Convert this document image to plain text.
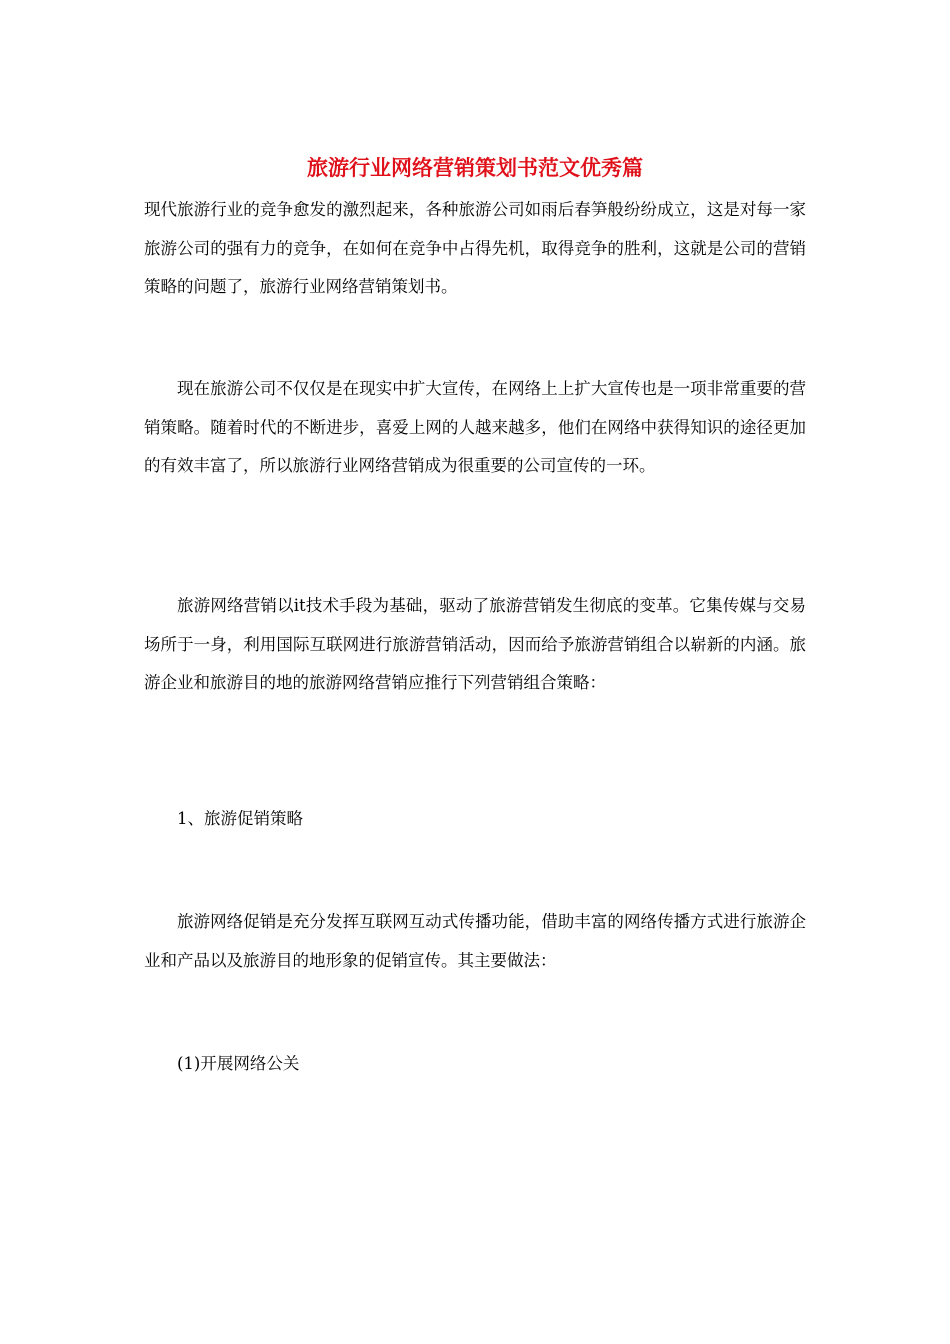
旅游行业网络营销策划书范文优秀篇

现代旅游行业的竞争愈发的激烈起来，各种旅游公司如雨后春笋般纷纷成立，这是对每一家旅游公司的强有力的竞争，在如何在竞争中占得先机，取得竞争的胜利，这就是公司的营销策略的问题了，旅游行业网络营销策划书。

现在旅游公司不仅仅是在现实中扩大宣传，在网络上上扩大宣传也是一项非常重要的营销策略。随着时代的不断进步，喜爱上网的人越来越多，他们在网络中获得知识的途径更加的有效丰富了，所以旅游行业网络营销成为很重要的公司宣传的一环。

旅游网络营销以it技术手段为基础，驱动了旅游营销发生彻底的变革。它集传媒与交易场所于一身，利用国际互联网进行旅游营销活动，因而给予旅游营销组合以崭新的内涵。旅游企业和旅游目的地的旅游网络营销应推行下列营销组合策略：

1、旅游促销策略

旅游网络促销是充分发挥互联网互动式传播功能，借助丰富的网络传播方式进行旅游企业和产品以及旅游目的地形象的促销宣传。其主要做法：

(1)开展网络公关
